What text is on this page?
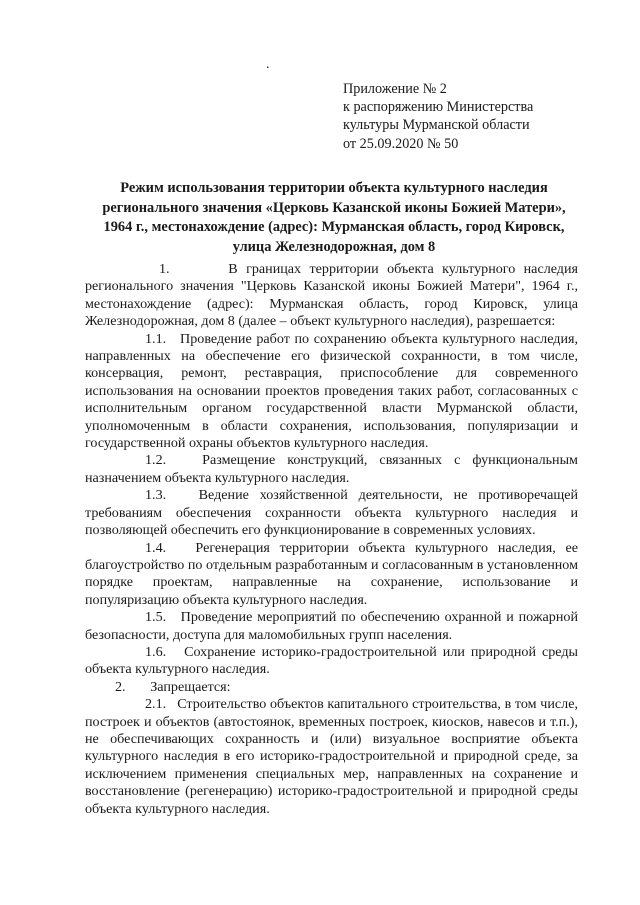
.
Приложение № 2
к распоряжению Министерства
культуры Мурманской области
от 25.09.2020 № 50
Режим использования территории объекта культурного наследия
регионального значения «Церковь Казанской иконы Божией Матери»,
1964 г., местонахождение (адрес): Мурманская область, город Кировск,
улица Железнодорожная, дом 8

1.	В границах территории объекта культурного наследия регионального значения "Церковь Казанской иконы Божией Матери", 1964 г., местонахождение (адрес): Мурманская область, город Кировск, улица Железнодорожная, дом 8 (далее – объект культурного наследия), разрешается:

1.1. Проведение работ по сохранению объекта культурного наследия, направленных на обеспечение его физической сохранности, в том числе, консервация, ремонт, реставрация, приспособление для современного использования на основании проектов проведения таких работ, согласованных с исполнительным органом государственной власти Мурманской области, уполномоченным в области сохранения, использования, популяризации и государственной охраны объектов культурного наследия.

1.2.	Размещение конструкций, связанных с функциональным назначением объекта культурного наследия.

1.3. Ведение хозяйственной деятельности, не противоречащей требованиям обеспечения сохранности объекта культурного наследия и позволяющей обеспечить его функционирование в современных условиях.

1.4. Регенерация территории объекта культурного наследия, ее благоустройство по отдельным разработанным и согласованным в установленном порядке проектам, направленные на сохранение, использование и популяризацию объекта культурного наследия.

1.5. Проведение мероприятий по обеспечению охранной и пожарной безопасности, доступа для маломобильных групп населения.

1.6. Сохранение историко-градостроительной или природной среды объекта культурного наследия.

2. Запрещается:

2.1. Строительство объектов капитального строительства, в том числе, построек и объектов (автостоянок, временных построек, киосков, навесов и т.п.), не обеспечивающих сохранность и (или) визуальное восприятие объекта культурного наследия в его историко-градостроительной и природной среде, за исключением применения специальных мер, направленных на сохранение и восстановление (регенерацию) историко-градостроительной и природной среды объекта культурного наследия.
